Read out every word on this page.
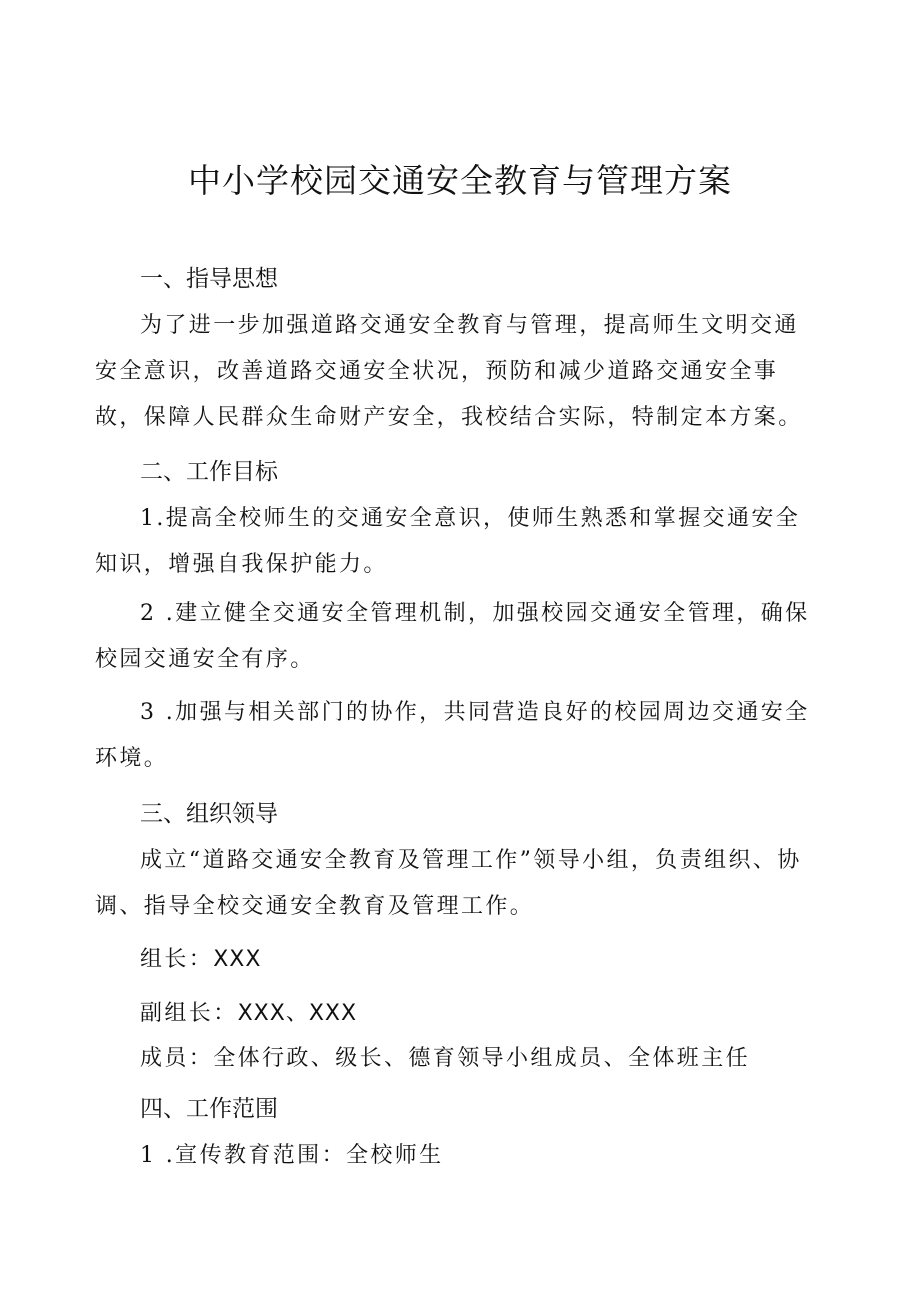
中小学校园交通安全教育与管理方案
一、指导思想

为了进一步加强道路交通安全教育与管理，提高师生文明交通安全意识，改善道路交通安全状况，预防和减少道路交通安全事故，保障人民群众生命财产安全，我校结合实际，特制定本方案。

二、工作目标

1.提高全校师生的交通安全意识，使师生熟悉和掌握交通安全知识，增强自我保护能力。

2 .建立健全交通安全管理机制，加强校园交通安全管理，确保校园交通安全有序。

3 .加强与相关部门的协作，共同营造良好的校园周边交通安全环境。

三、组织领导

成立“道路交通安全教育及管理工作”领导小组，负责组织、协调、指导全校交通安全教育及管理工作。

组长：XXX

副组长：XXX、XXX

成员：全体行政、级长、德育领导小组成员、全体班主任

四、工作范围

1 .宣传教育范围：全校师生
